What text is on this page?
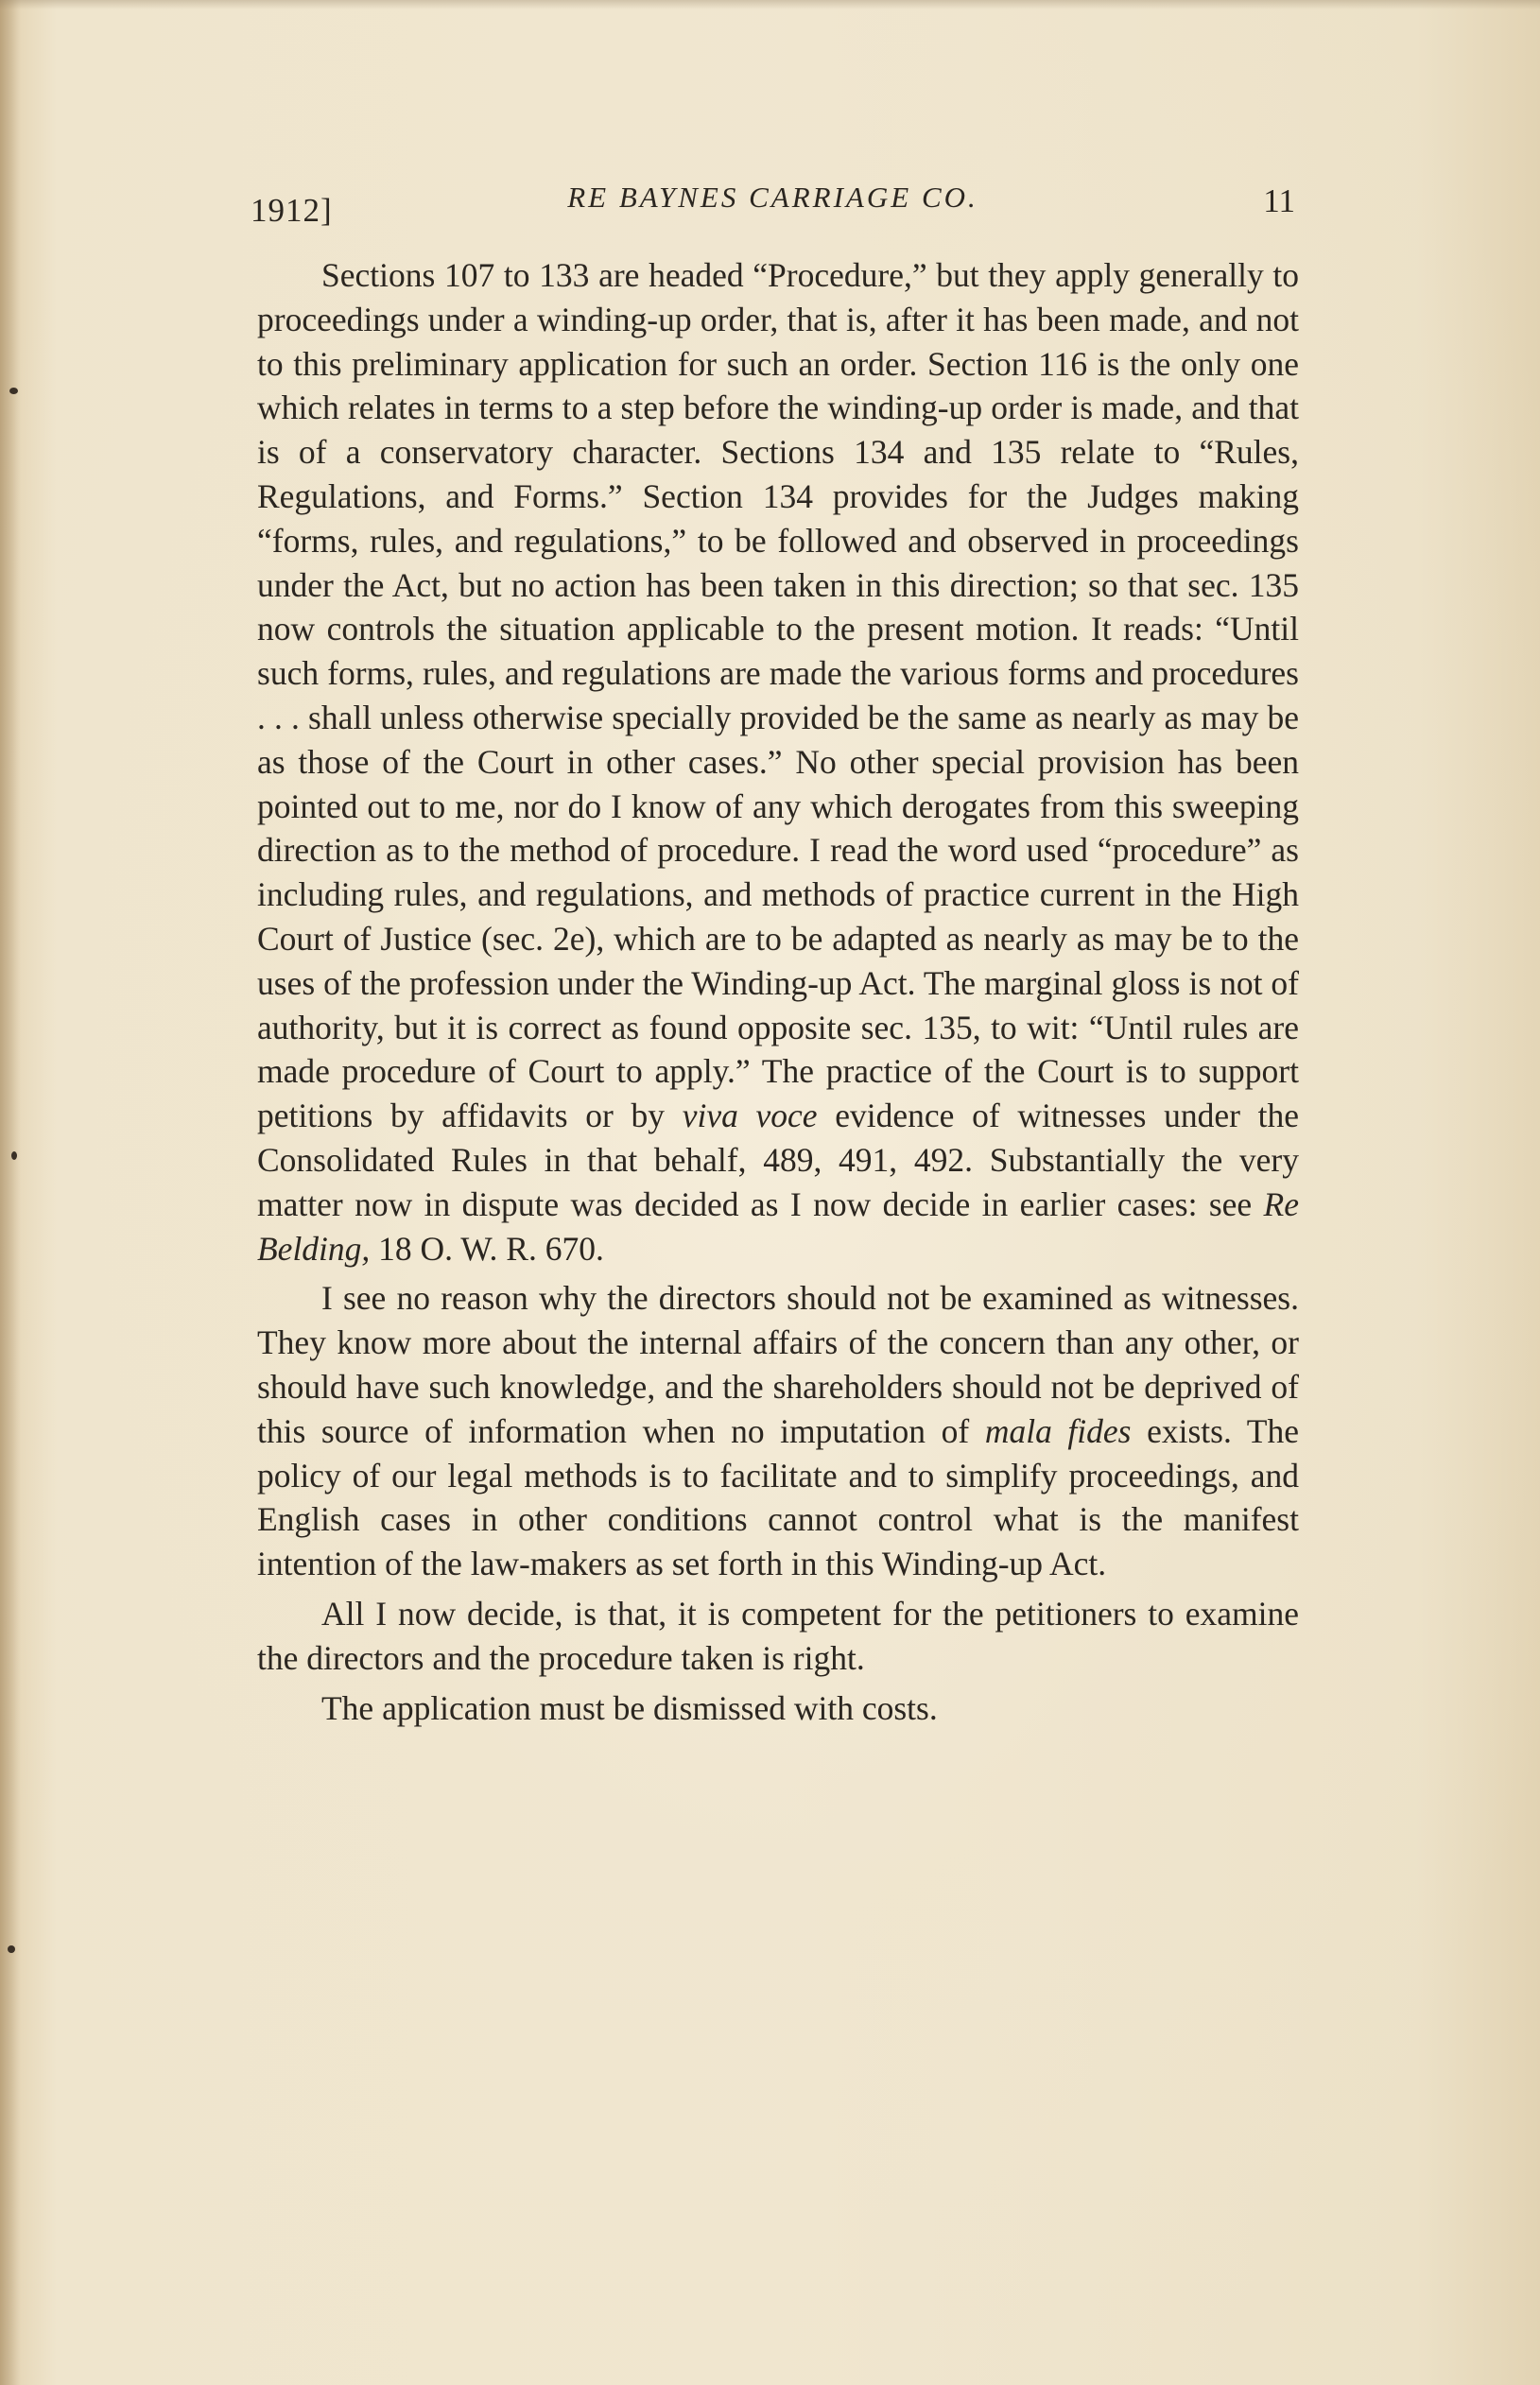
1912]	RE BAYNES CARRIAGE CO.	11

Sections 107 to 133 are headed “Procedure,” but they apply generally to proceedings under a winding-up order, that is, after it has been made, and not to this preliminary application for such an order. Section 116 is the only one which relates in terms to a step before the winding-up order is made, and that is of a conservatory character. Sections 134 and 135 relate to “Rules, Regulations, and Forms.” Section 134 provides for the Judges making “forms, rules, and regulations,” to be followed and observed in proceedings under the Act, but no action has been taken in this direction; so that sec. 135 now controls the situation applicable to the present motion. It reads: “Until such forms, rules, and regulations are made the various forms and procedures . . . shall unless otherwise specially provided be the same as nearly as may be as those of the Court in other cases.” No other special provision has been pointed out to me, nor do I know of any which derogates from this sweeping direction as to the method of procedure. I read the word used “procedure” as including rules, and regulations, and methods of practice current in the High Court of Justice (sec. 2e), which are to be adapted as nearly as may be to the uses of the profession under the Winding-up Act. The marginal gloss is not of authority, but it is correct as found opposite sec. 135, to wit: “Until rules are made procedure of Court to apply.” The practice of the Court is to support petitions by affidavits or by viva voce evidence of witnesses under the Consolidated Rules in that behalf, 489, 491, 492. Substantially the very matter now in dispute was decided as I now decide in earlier cases: see Re Belding, 18 O. W. R. 670.

I see no reason why the directors should not be examined as witnesses. They know more about the internal affairs of the concern than any other, or should have such knowledge, and the shareholders should not be deprived of this source of information when no imputation of mala fides exists. The policy of our legal methods is to facilitate and to simplify proceedings, and English cases in other conditions cannot control what is the manifest intention of the law-makers as set forth in this Winding-up Act.

All I now decide, is that, it is competent for the petitioners to examine the directors and the procedure taken is right.

The application must be dismissed with costs.
